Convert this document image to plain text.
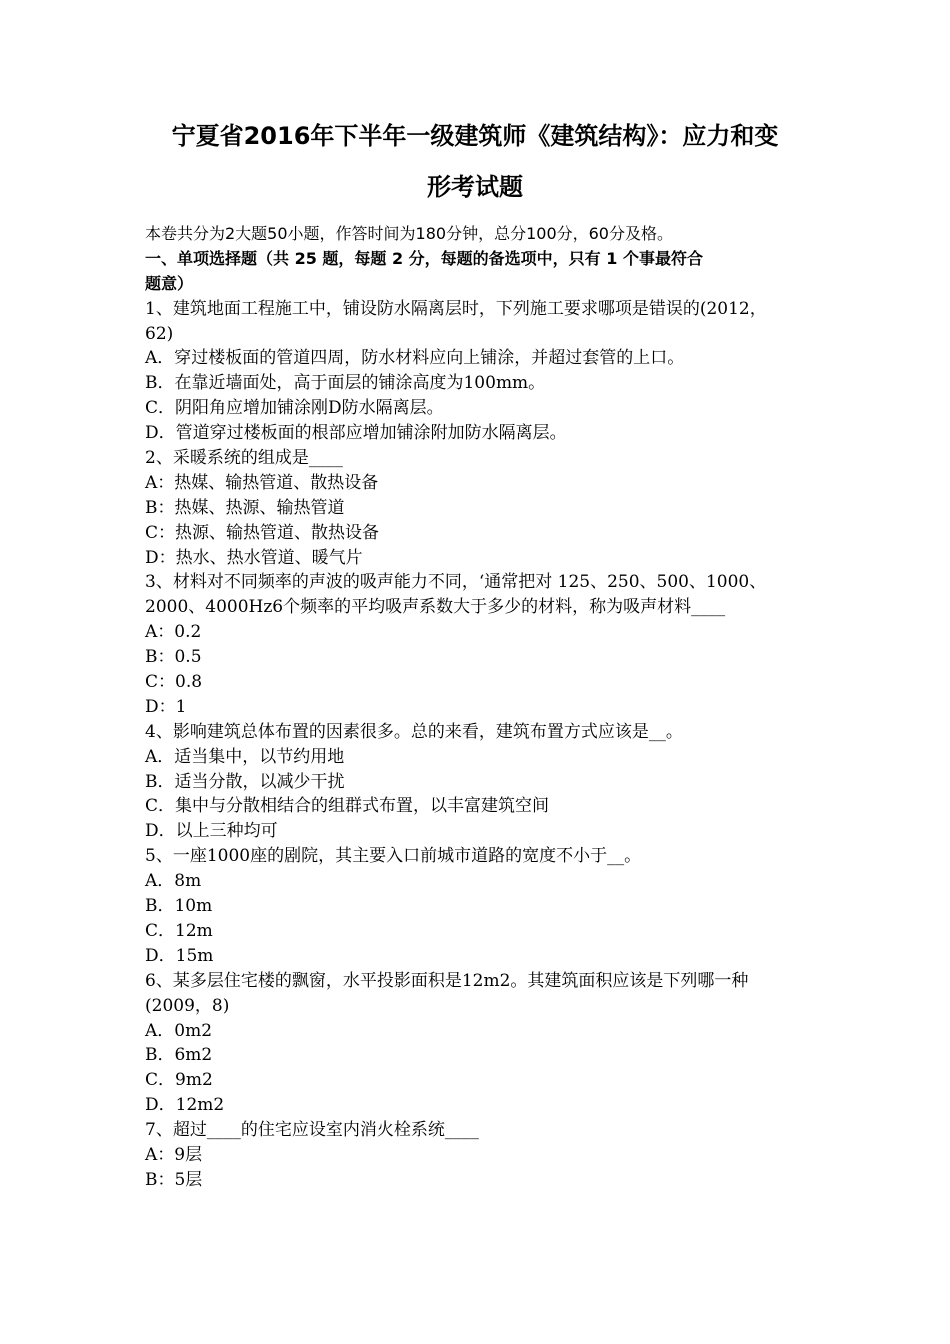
宁夏省2016年下半年一级建筑师《建筑结构》：应力和变
形考试题
本卷共分为2大题50小题，作答时间为180分钟，总分100分，60分及格。
一、单项选择题（共 25 题，每题 2 分，每题的备选项中，只有 1 个事最符合
题意）
1、建筑地面工程施工中，铺设防水隔离层时，下列施工要求哪项是错误的(2012，
62)
A．穿过楼板面的管道四周，防水材料应向上铺涂，并超过套管的上口。
B．在靠近墙面处，高于面层的铺涂高度为100mm。
C．阴阳角应增加铺涂刚D防水隔离层。
D．管道穿过楼板面的根部应增加铺涂附加防水隔离层。
2、采暖系统的组成是____
A：热媒、输热管道、散热设备
B：热媒、热源、输热管道
C：热源、输热管道、散热设备
D：热水、热水管道、暖气片
3、材料对不同频率的声波的吸声能力不同，‘通常把对 125、250、500、1000、
2000、4000Hz6个频率的平均吸声系数大于多少的材料，称为吸声材料____
A：0.2
B：0.5
C：0.8
D：1
4、影响建筑总体布置的因素很多。总的来看，建筑布置方式应该是__。
A．适当集中，以节约用地
B．适当分散，以减少干扰
C．集中与分散相结合的组群式布置，以丰富建筑空间
D．以上三种均可
5、一座1000座的剧院，其主要入口前城市道路的宽度不小于__。
A．8m
B．10m
C．12m
D．15m
6、某多层住宅楼的飘窗，水平投影面积是12m2。其建筑面积应该是下列哪一种
(2009，8)
A．0m2
B．6m2
C．9m2
D．12m2
7、超过____的住宅应设室内消火栓系统____
A：9层
B：5层
